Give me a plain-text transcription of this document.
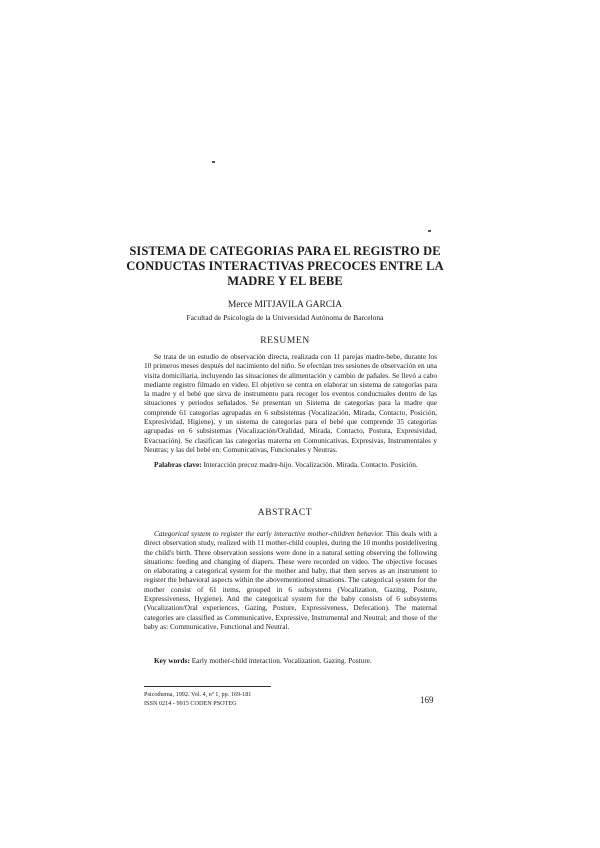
SISTEMA DE CATEGORIAS PARA EL REGISTRO DE CONDUCTAS INTERACTIVAS PRECOCES ENTRE LA MADRE Y EL BEBE
Merce MITJAVILA GARCIA
Facultad de Psicología de la Universidad Autónoma de Barcelona
RESUMEN

Se trata de un estudio de observación directa, realizada con 11 parejas madre-bebe, durante los 10 primeros meses después del nacimiento del niño. Se efectúan tres sesiones de observación en una visita domiciliaria, incluyendo las situaciones de alimentación y cambio de pañales. Se llevó a cabo mediante registro filmado en video. El objetivo se centra en elaborar un sistema de categorías para la madre y el bebé que sirva de instrumento para recoger los eventos conductuales dentro de las situaciones y periodos señalados. Se presentan un Sistema de categorías para la madre que comprende 61 categorías agrupadas en 6 subsistemas (Vocalización, Mirada, Contacto, Posición, Expresividad, Higiene), y un sistema de categorías para el bebé que comprende 35 categorías agrupadas en 6 subsistemas (Vocalización/Oralidad, Mirada, Contacto, Postura, Expresividad, Evacuación). Se clasifican las categorías materna en Comunicativas, Expresivas, Instrumentales y Neutras; y las del bebé en: Comunicativas, Funcionales y Neutras.

Palabras clave: Interacción precoz madre-hijo. Vocalización. Mirada. Contacto. Posición.
ABSTRACT

Categorical system to register the early interactive mother-children behavior. This deals with a direct observation study, realized with 11 mother-child couples, during the 10 months postdelivering the child's birth. Three observation sessions were done in a natural setting observing the following situations: feeding and changing of diapers. These were recorded on video. The objective focuses on elaborating a categorical system for the mother and baby, that then serves as an instrument to register the behavioral aspects within the abovementioned situations. The categorical system for the mother consist of 61 items, grouped in 6 subsystems (Vocalization, Gazing, Posture, Expressiveness, Hygiene). And the categorical system for the baby consists of 6 subsystems (Vocalization/Oral experiences, Gazing, Posture, Expressiveness, Defecation). The maternal categories are classified as Communicative, Expressive, Instrumental and Neutral; and those of the baby as: Communicative, Functional and Neutral.

Key words: Early mother-child interaction. Vocalization. Gazing. Posture.
Psicothema, 1992. Vol. 4, nº 1, pp. 169-181
ISSN 0214 - 9915 CODEN PSOTEG	169
